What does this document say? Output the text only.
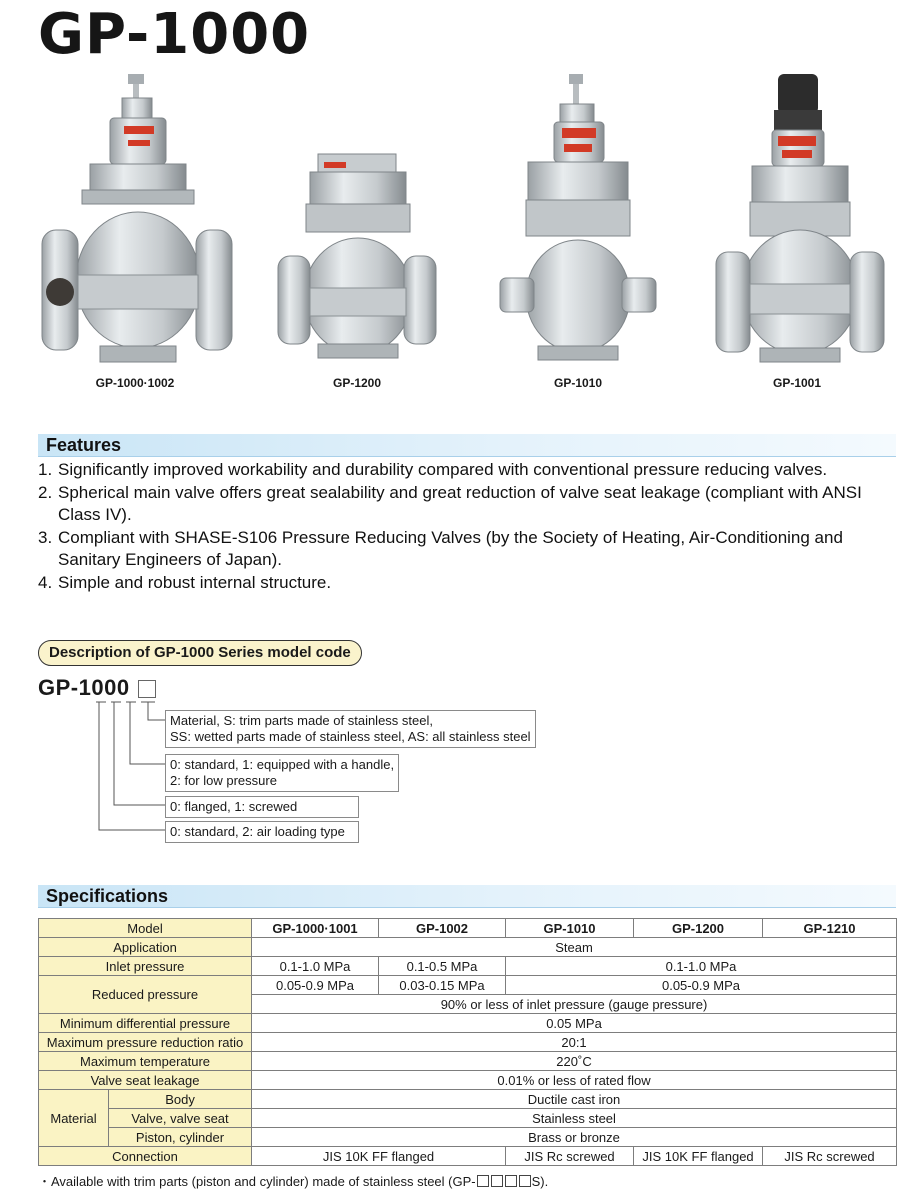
GP-1000
GP-1000·1002	GP-1200	GP-1010	GP-1001
Features
1. Significantly improved workability and durability compared with conventional pressure reducing valves.
2. Spherical main valve offers great sealability and great reduction of valve seat leakage (compliant with ANSI Class IV).
3. Compliant with SHASE-S106 Pressure Reducing Valves (by the Society of Heating, Air-Conditioning and Sanitary Engineers of Japan).
4. Simple and robust internal structure.
Description of GP-1000 Series model code
GP-1000
Material, S: trim parts made of stainless steel,
SS: wetted parts made of stainless steel, AS: all stainless steel
0: standard, 1: equipped with a handle,
2: for low pressure
0: flanged, 1: screwed
0: standard, 2: air loading type
Specifications
Model		GP-1000·1001	GP-1002	GP-1010	GP-1200	GP-1210
Application		Steam				
Inlet pressure		0.1-1.0 MPa	0.1-0.5 MPa	0.1-1.0 MPa		
Reduced pressure		0.05-0.9 MPa	0.03-0.15 MPa	0.05-0.9 MPa		
		90% or less of inlet pressure (gauge pressure)				
Minimum differential pressure		0.05 MPa				
Maximum pressure reduction ratio		20:1				
Maximum temperature		220˚C				
Valve seat leakage		0.01% or less of rated flow				
Material	Body	Ductile cast iron				
	Valve, valve seat	Stainless steel				
	Piston, cylinder	Brass or bronze				
Connection		JIS 10K FF flanged		JIS Rc screwed	JIS 10K FF flanged	JIS Rc screwed
・Available with trim parts (piston and cylinder) made of stainless steel (GP-	S).
